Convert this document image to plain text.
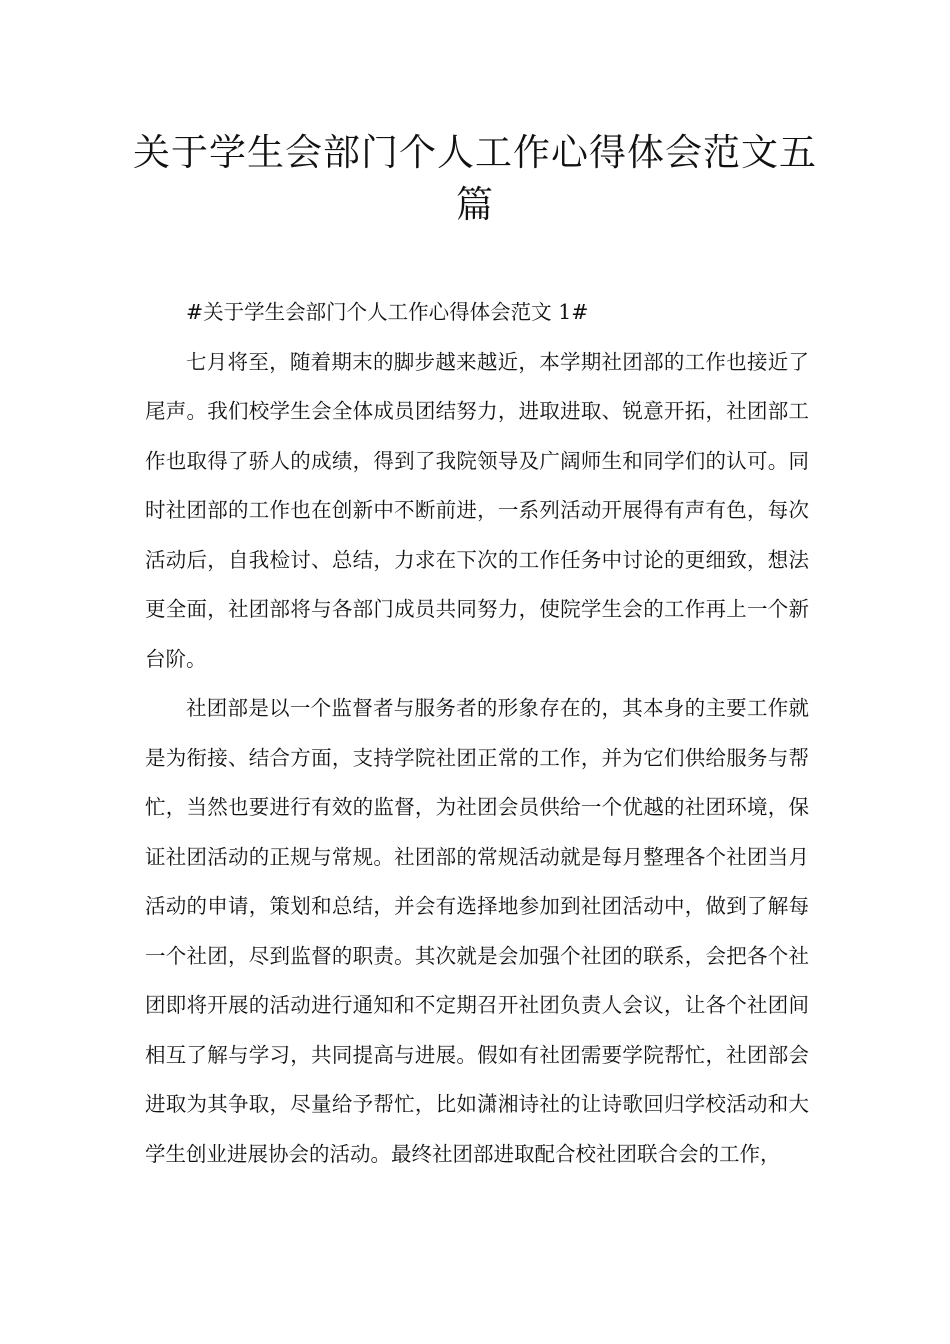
关于学生会部门个人工作心得体会范文五篇

#关于学生会部门个人工作心得体会范文 1#

七月将至，随着期末的脚步越来越近，本学期社团部的工作也接近了尾声。我们校学生会全体成员团结努力，进取进取、锐意开拓，社团部工作也取得了骄人的成绩，得到了我院领导及广阔师生和同学们的认可。同时社团部的工作也在创新中不断前进，一系列活动开展得有声有色，每次活动后，自我检讨、总结，力求在下次的工作任务中讨论的更细致，想法更全面，社团部将与各部门成员共同努力，使院学生会的工作再上一个新台阶。

社团部是以一个监督者与服务者的形象存在的，其本身的主要工作就是为衔接、结合方面，支持学院社团正常的工作，并为它们供给服务与帮忙，当然也要进行有效的监督，为社团会员供给一个优越的社团环境，保证社团活动的正规与常规。社团部的常规活动就是每月整理各个社团当月活动的申请，策划和总结，并会有选择地参加到社团活动中，做到了解每一个社团，尽到监督的职责。其次就是会加强个社团的联系，会把各个社团即将开展的活动进行通知和不定期召开社团负责人会议，让各个社团间相互了解与学习，共同提高与进展。假如有社团需要学院帮忙，社团部会进取为其争取，尽量给予帮忙，比如潇湘诗社的让诗歌回归学校活动和大学生创业进展协会的活动。最终社团部进取配合校社团联合会的工作，
